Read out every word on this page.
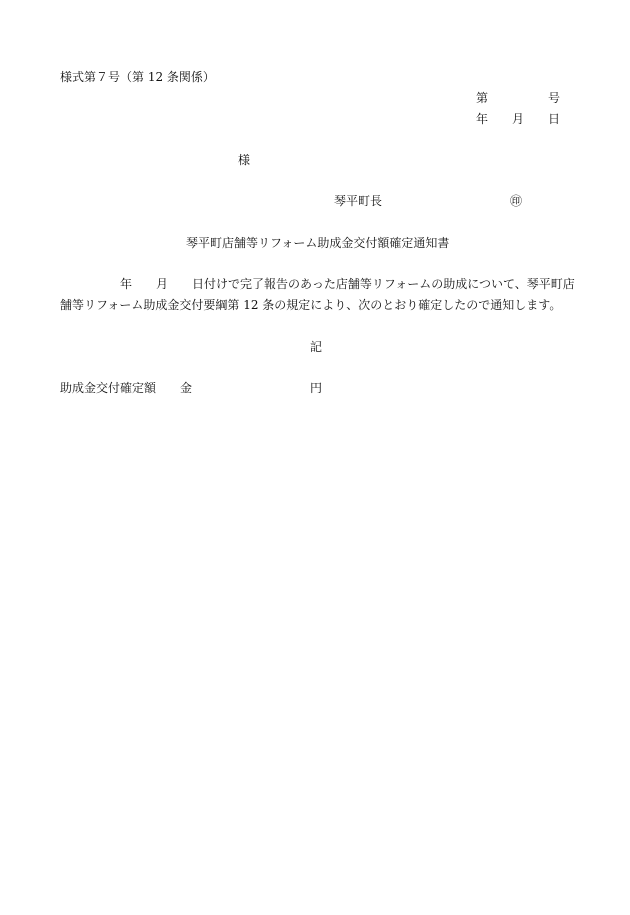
様式第７号（第 12 条関係）
第	号
年 月 日
様
琴平町長	㊞
琴平町店舗等リフォーム助成金交付額確定通知書
年 月 日付けで完了報告のあった店舗等リフォームの助成について、琴平町店
舗等リフォーム助成金交付要綱第 12 条の規定により、次のとおり確定したので通知します。
記
助成金交付確定額 金	円
